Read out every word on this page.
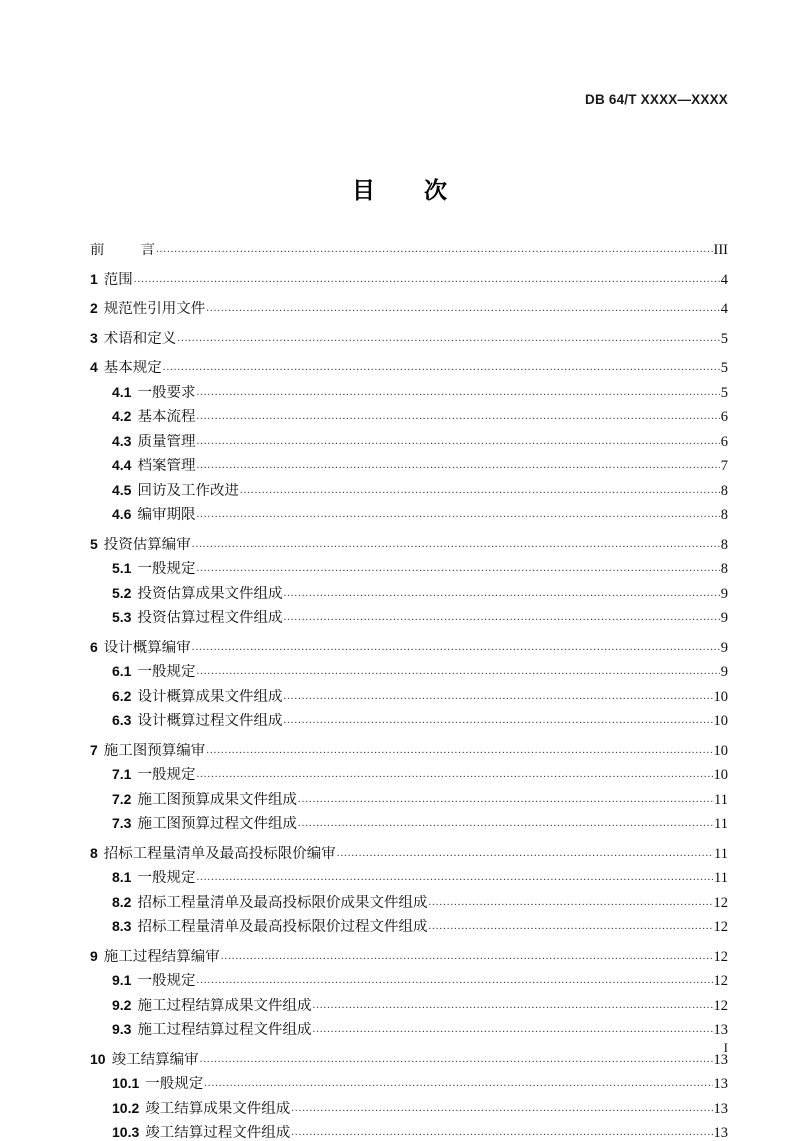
DB 64/T XXXX—XXXX
目　　次
前 言 .....	III
1 范围 .....	4
2 规范性引用文件 .....	4
3 术语和定义 .....	5
4 基本规定 .....	5
4.1 一般要求 .....	5
4.2 基本流程 .....	6
4.3 质量管理 .....	6
4.4 档案管理 .....	7
4.5 回访及工作改进 .....	8
4.6 编审期限 .....	8
5 投资估算编审 .....	8
5.1 一般规定 .....	8
5.2 投资估算成果文件组成 .....	9
5.3 投资估算过程文件组成 .....	9
6 设计概算编审 .....	9
6.1 一般规定 .....	9
6.2 设计概算成果文件组成 .....	10
6.3 设计概算过程文件组成 .....	10
7 施工图预算编审 .....	10
7.1 一般规定 .....	10
7.2 施工图预算成果文件组成 .....	11
7.3 施工图预算过程文件组成 .....	11
8 招标工程量清单及最高投标限价编审 .....	11
8.1 一般规定 .....	11
8.2 招标工程量清单及最高投标限价成果文件组成 .....	12
8.3 招标工程量清单及最高投标限价过程文件组成 .....	12
9 施工过程结算编审 .....	12
9.1 一般规定 .....	12
9.2 施工过程结算成果文件组成 .....	12
9.3 施工过程结算过程文件组成 .....	13
10 竣工结算编审 .....	13
10.1 一般规定 .....	13
10.2 竣工结算成果文件组成 .....	13
10.3 竣工结算过程文件组成 .....	13
I
